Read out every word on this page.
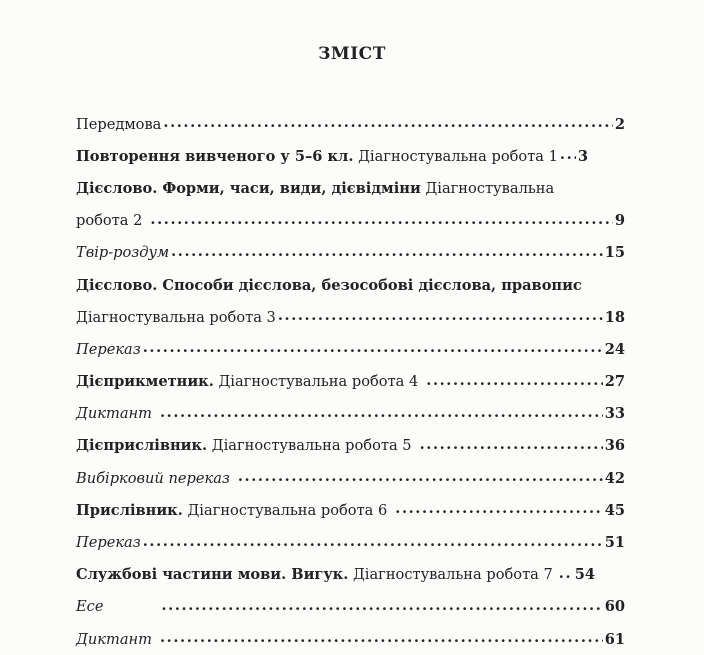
ЗМІСТ
Передмова .....	2
Повторення вивченого у 5–6 кл. Діагностувальна робота 1 ..... 3
Дієслово. Форми, часи, види, дієвідміни Діагностувальна
робота 2 .....	9
Твір-роздум .....	15
Дієслово. Способи дієслова, безособові дієслова, правопис
Діагностувальна робота 3 .....	18
Переказ .....	24
Дієприкметник. Діагностувальна робота 4 .....	27
Диктант .....	33
Дієприслівник. Діагностувальна робота 5 .....	36
Вибірковий переказ .....	42
Прислівник. Діагностувальна робота 6 .....	45
Переказ .....	51
Службові частини мови. Вигук. Діагностувальна робота 7 ..... 54
Есе .....	60
Диктант .....	61
